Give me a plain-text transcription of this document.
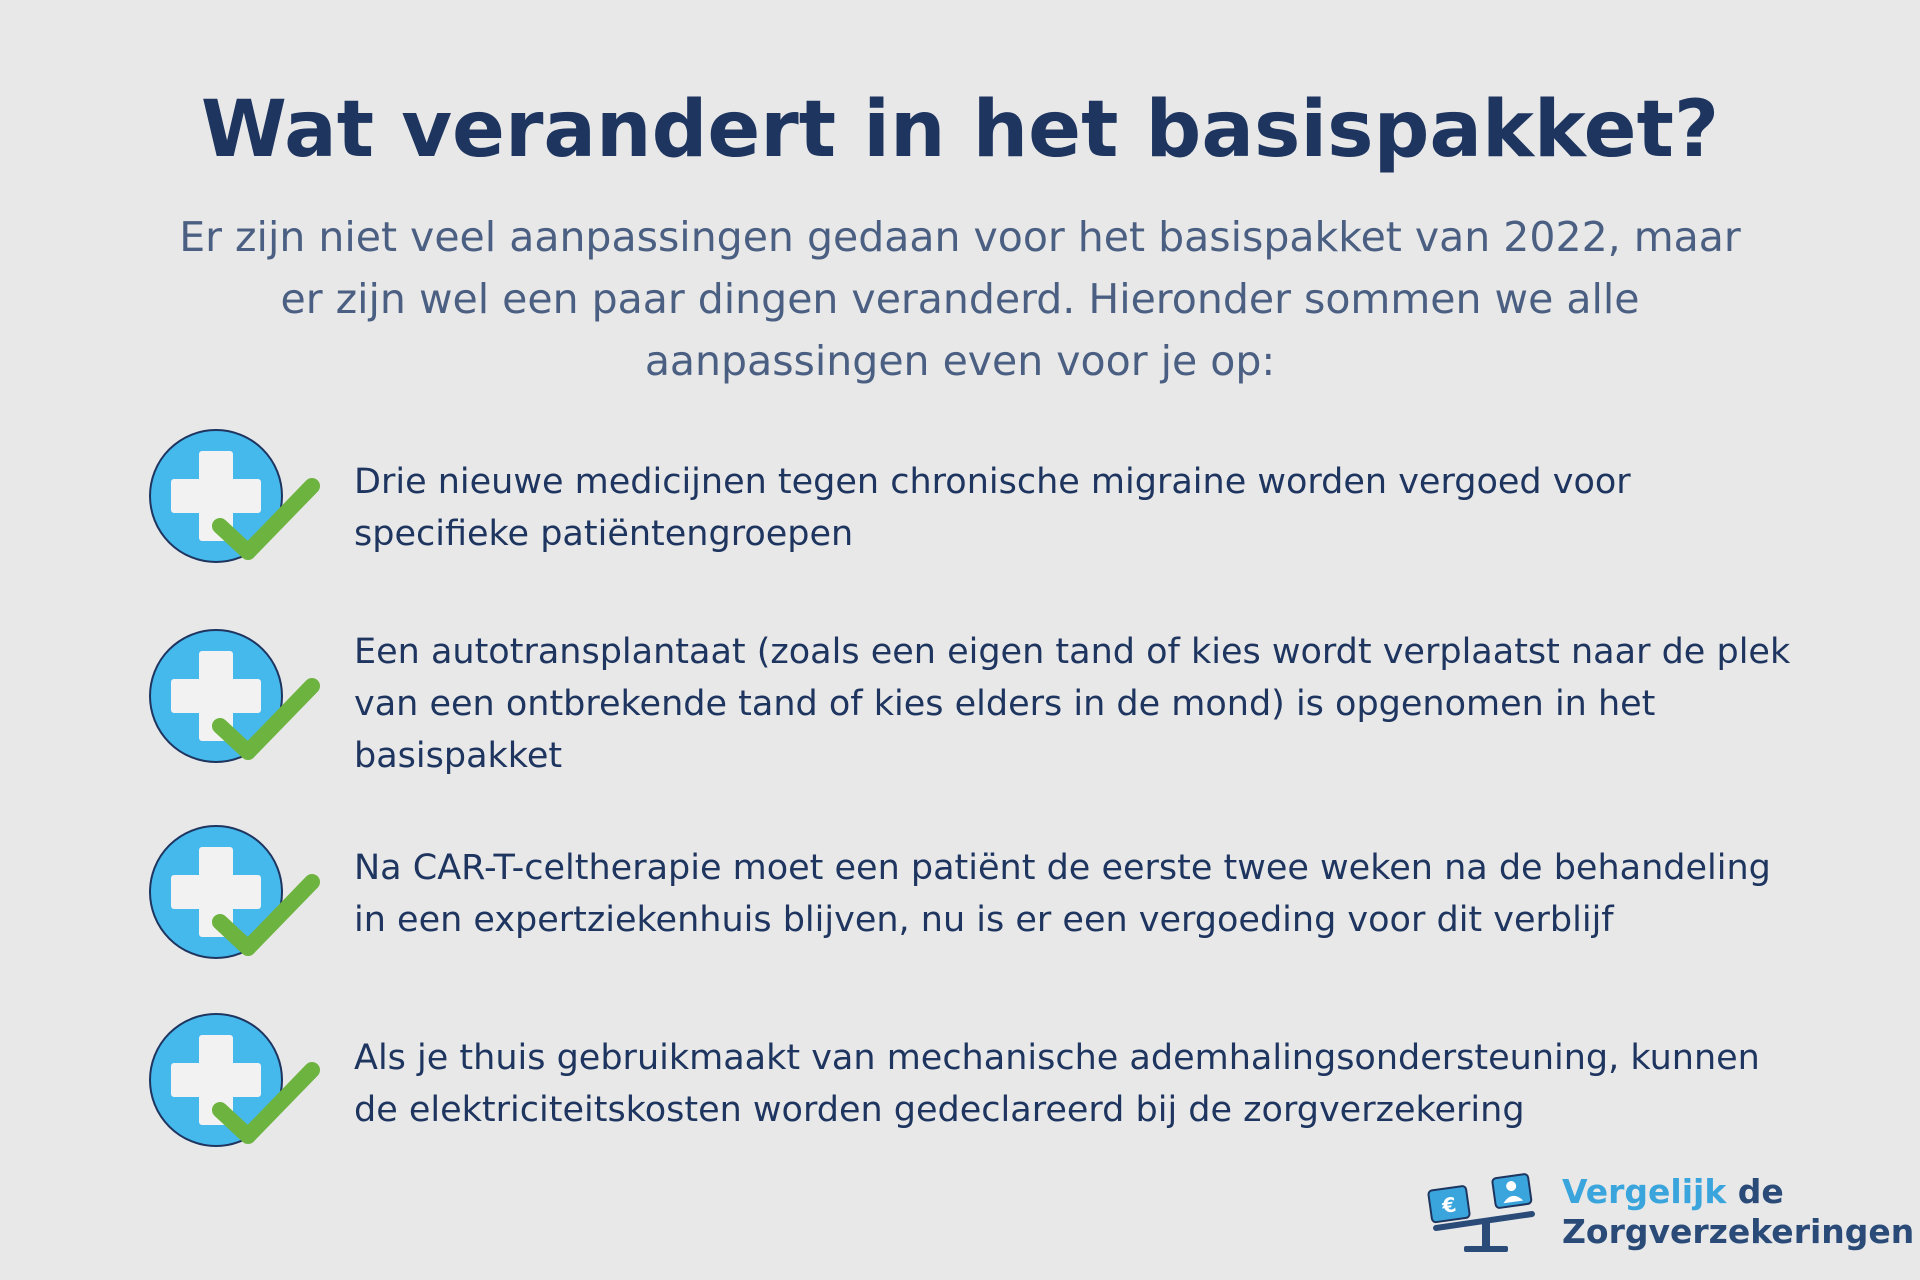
Wat verandert in het basispakket?

Er zijn niet veel aanpassingen gedaan voor het basispakket van 2022, maar er zijn wel een paar dingen veranderd. Hieronder sommen we alle aanpassingen even voor je op:

Drie nieuwe medicijnen tegen chronische migraine worden vergoed voor specifieke patiëntengroepen

Een autotransplantaat (zoals een eigen tand of kies wordt verplaatst naar de plek van een ontbrekende tand of kies elders in de mond) is opgenomen in het basispakket

Na CAR-T-celtherapie moet een patiënt de eerste twee weken na de behandeling in een expertziekenhuis blijven, nu is er een vergoeding voor dit verblijf

Als je thuis gebruikmaakt van mechanische ademhalingsondersteuning, kunnen de elektriciteitskosten worden gedeclareerd bij de zorgverzekering

€	Vergelijk de
Zorgverzekeringen
